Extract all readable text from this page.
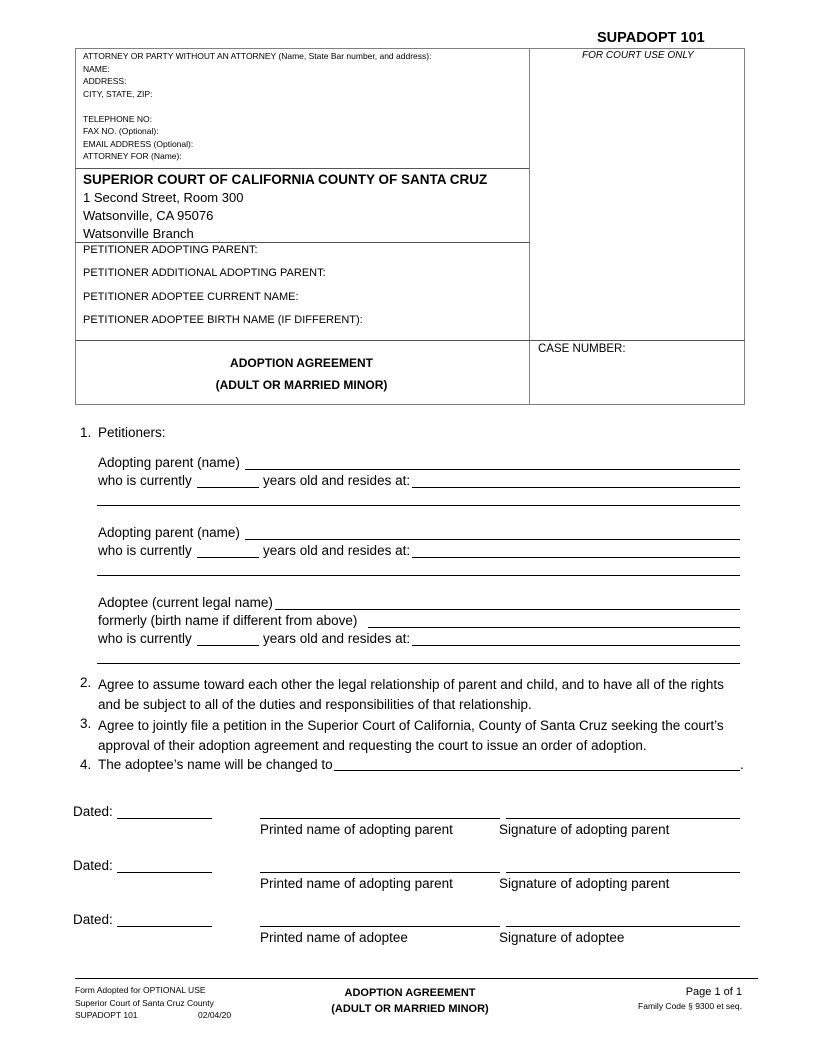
SUPADOPT 101
FOR COURT USE ONLY
ATTORNEY OR PARTY WITHOUT AN ATTORNEY (Name, State Bar number, and address):
NAME:
ADDRESS:
CITY, STATE, ZIP:
TELEPHONE NO:
FAX NO. (Optional):
EMAIL ADDRESS (Optional):
ATTORNEY FOR (Name):
SUPERIOR COURT OF CALIFORNIA COUNTY OF SANTA CRUZ
1 Second Street, Room 300
Watsonville, CA 95076
Watsonville Branch
PETITIONER ADOPTING PARENT:
PETITIONER ADDITIONAL ADOPTING PARENT:
PETITIONER ADOPTEE CURRENT NAME:
PETITIONER ADOPTEE BIRTH NAME (IF DIFFERENT):
ADOPTION AGREEMENT
(ADULT OR MARRIED MINOR)
CASE NUMBER:
1. Petitioners:
Adopting parent (name)
who is currently	years old and resides at:
Adopting parent (name)
who is currently	years old and resides at:
Adoptee (current legal name)
formerly (birth name if different from above)
who is currently	years old and resides at:
2. Agree to assume toward each other the legal relationship of parent and child, and to have all of the rights
and be subject to all of the duties and responsibilities of that relationship.
3. Agree to jointly file a petition in the Superior Court of California, County of Santa Cruz seeking the court’s
approval of their adoption agreement and requesting the court to issue an order of adoption.
4. The adoptee’s name will be changed to	.
Dated:
Printed name of adopting parent	Signature of adopting parent
Dated:
Printed name of adopting parent	Signature of adopting parent
Dated:
Printed name of adoptee	Signature of adoptee
Form Adopted for OPTIONAL USE
Superior Court of Santa Cruz County
SUPADOPT 101	02/04/20
ADOPTION AGREEMENT
(ADULT OR MARRIED MINOR)
Page 1 of 1
Family Code § 9300 et seq.
